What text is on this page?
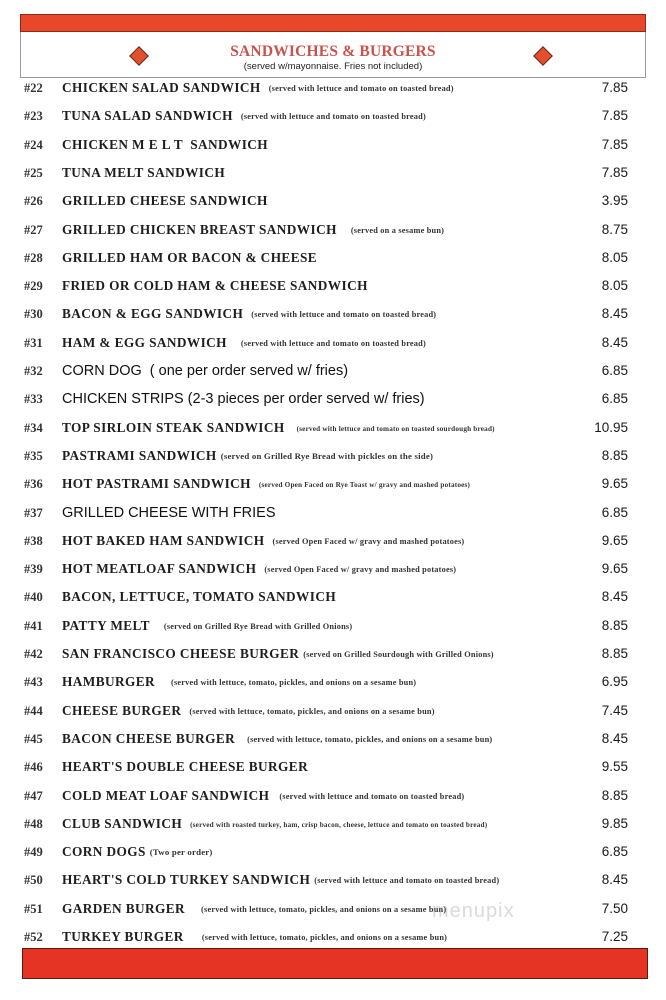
SANDWICHES & BURGERS
(served w/mayonnaise. Fries not included)
#22 CHICKEN SALAD SANDWICH (served with lettuce and tomato on toasted bread)	7.85
#23 TUNA SALAD SANDWICH (served with lettuce and tomato on toasted bread)	7.85
#24 CHICKEN M E L T  SANDWICH	7.85
#25 TUNA MELT SANDWICH	7.85
#26 GRILLED CHEESE SANDWICH	3.95
#27 GRILLED CHICKEN BREAST SANDWICH (served on a sesame bun)	8.75
#28 GRILLED HAM OR BACON & CHEESE	8.05
#29 FRIED OR COLD HAM & CHEESE SANDWICH	8.05
#30 BACON & EGG SANDWICH (served with lettuce and tomato on toasted bread)	8.45
#31 HAM & EGG SANDWICH (served with lettuce and tomato on toasted bread)	8.45
#32 CORN DOG  ( one per order served w/ fries)	6.85
#33 CHICKEN STRIPS (2-3 pieces per order served w/ fries)	6.85
#34 TOP SIRLOIN STEAK SANDWICH (served with lettuce and tomato on toasted sourdough bread)	10.95
#35 PASTRAMI SANDWICH (served on Grilled Rye Bread with pickles on the side)	8.85
#36 HOT PASTRAMI SANDWICH (served Open Faced on Rye Toast w/ gravy and mashed potatoes)	9.65
#37 GRILLED CHEESE WITH FRIES	6.85
#38 HOT BAKED HAM SANDWICH (served Open Faced w/ gravy and mashed potatoes)	9.65
#39 HOT MEATLOAF SANDWICH (served Open Faced w/ gravy and mashed potatoes)	9.65
#40 BACON, LETTUCE, TOMATO SANDWICH	8.45
#41 PATTY MELT (served on Grilled Rye Bread with Grilled Onions)	8.85
#42 SAN FRANCISCO CHEESE BURGER (served on Grilled Sourdough with Grilled Onions)	8.85
#43 HAMBURGER (served with lettuce, tomato, pickles, and onions on a sesame bun)	6.95
#44 CHEESE BURGER (served with lettuce, tomato, pickles, and onions on a sesame bun)	7.45
#45 BACON CHEESE BURGER (served with lettuce, tomato, pickles, and onions on a sesame bun)	8.45
#46 HEART'S DOUBLE CHEESE BURGER	9.55
#47 COLD MEAT LOAF SANDWICH (served with lettuce and tomato on toasted bread)	8.85
#48 CLUB SANDWICH (served with roasted turkey, ham, crisp bacon, cheese, lettuce and tomato on toasted bread)	9.85
#49 CORN DOGS (Two per order)	6.85
#50 HEART'S COLD TURKEY SANDWICH (served with lettuce and tomato on toasted bread)	8.45
#51 GARDEN BURGER (served with lettuce, tomato, pickles, and onions on a sesame bun)	7.50
#52 TURKEY BURGER (served with lettuce, tomato, pickles, and onions on a sesame bun)	7.25
menupix
